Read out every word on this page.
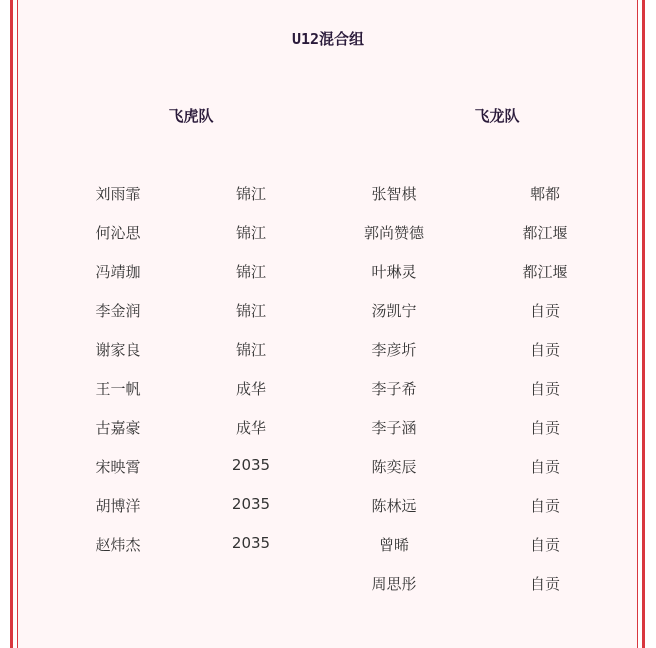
U12混合组
飞虎队	飞龙队
刘雨霏	锦江
何沁思	锦江
冯靖珈	锦江
李金润	锦江
谢家良	锦江
王一帆	成华
古嘉豪	成华
宋映霄	2035
胡博洋	2035
赵炜杰	2035
张智棋	郫都
郭尚赞德	都江堰
叶琳灵	都江堰
汤凯宁	自贡
李彦圻	自贡
李子希	自贡
李子涵	自贡
陈奕辰	自贡
陈林远	自贡
曾晞	自贡
周思彤	自贡
